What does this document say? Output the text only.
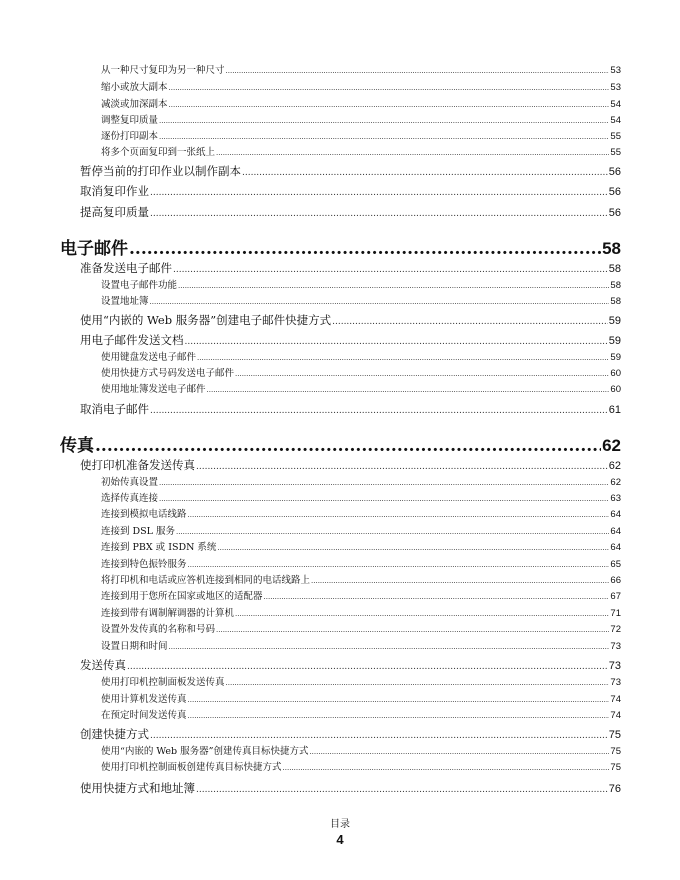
从一种尺寸复印为另一种尺寸 .....	53
缩小或放大副本 .....	53
减淡或加深副本 .....	54
调整复印质量 .....	54
逐份打印副本 .....	55
将多个页面复印到一张纸上 .....	55
暂停当前的打印作业以制作副本 .....	56
取消复印作业 .....	56
提高复印质量 .....	56
电子邮件 .....	58
准备发送电子邮件 .....	58
设置电子邮件功能 .....	58
设置地址簿 .....	58
使用“内嵌的 Web 服务器”创建电子邮件快捷方式 .....	59
用电子邮件发送文档 .....	59
使用键盘发送电子邮件 .....	59
使用快捷方式号码发送电子邮件 .....	60
使用地址簿发送电子邮件 .....	60
取消电子邮件 .....	61
传真 .....	62
使打印机准备发送传真 .....	62
初始传真设置 .....	62
选择传真连接 .....	63
连接到模拟电话线路 .....	64
连接到 DSL 服务 .....	64
连接到 PBX 或 ISDN 系统 .....	64
连接到特色振铃服务 .....	65
将打印机和电话或应答机连接到相同的电话线路上 .....	66
连接到用于您所在国家或地区的适配器 .....	67
连接到带有调制解调器的计算机 .....	71
设置外发传真的名称和号码 .....	72
设置日期和时间 .....	73
发送传真 .....	73
使用打印机控制面板发送传真 .....	73
使用计算机发送传真 .....	74
在预定时间发送传真 .....	74
创建快捷方式 .....	75
使用“内嵌的 Web 服务器”创建传真目标快捷方式 .....	75
使用打印机控制面板创建传真目标快捷方式 .....	75
使用快捷方式和地址簿 .....	76
目录
4
